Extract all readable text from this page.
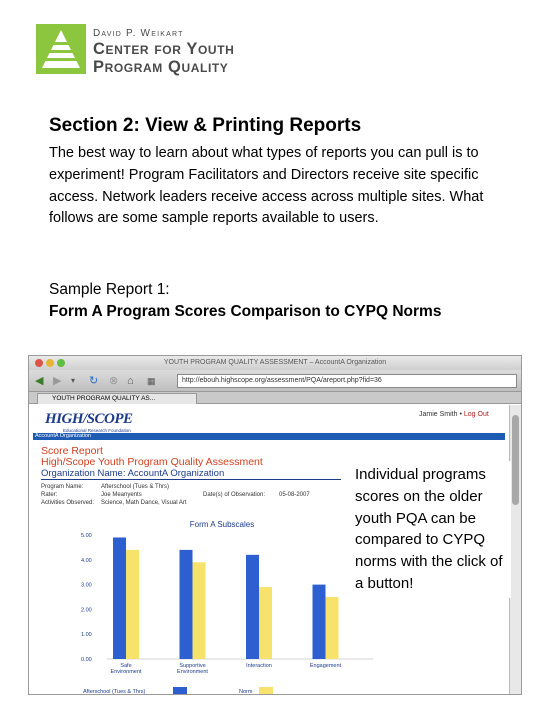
David P. Weikart
Center for Youth
Program Quality
Section 2: View & Printing Reports
The best way to learn about what types of reports you can pull is to experiment! Program Facilitators and Directors receive site specific access. Network leaders receive access across multiple sites. What follows are some sample reports available to users.
Sample Report 1:
Form A Program Scores Comparison to CYPQ Norms
YOUTH PROGRAM QUALITY ASSESSMENT – AccountA Organization
◀ ▶ ▾ ↻ ⊗ ⌂ ▦	http://ebouh.highscope.org/assessment/PQA/areport.php?fid=36
YOUTH PROGRAM QUALITY AS...
HIGH/SCOPE
Educational Research Foundation
Jamie Smith • Log Out
AccountA Organization
Score Report
High/Scope Youth Program Quality Assessment
Organization Name: AccountA Organization
Program Name:	Afterschool (Tues & Thrs)
Rater:	Joe Meanyents	Date(s) of Observation: 05-08-2007
Activities Observed: Science, Math Dance, Visual Art
Form A Subscales
0.00
1.00
2.00
3.00
4.00
5.00
Safe
Environment
Supportive
Environment
Interaction	Engagement
Afterschool (Tues & Thrs)	Norm
Individual programs scores on the older youth PQA can be compared to CYPQ norms with the click of a button!
